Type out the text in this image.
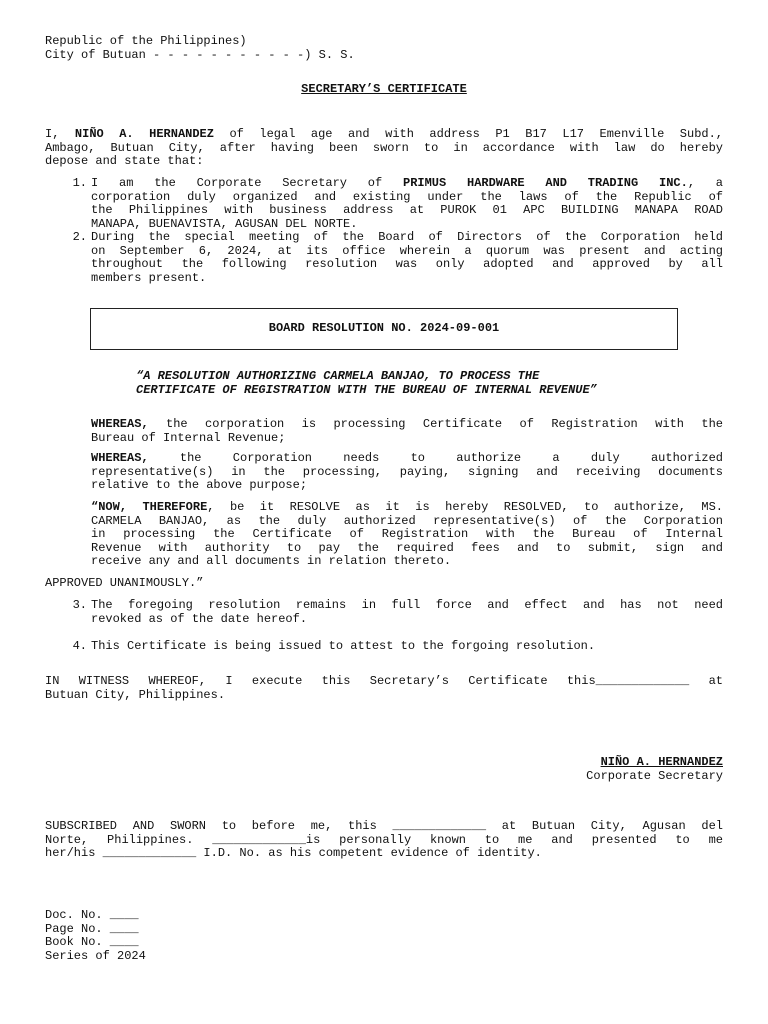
Republic of the Philippines)
City of Butuan - - - - - - - - - - -) S. S.
SECRETARY’S CERTIFICATE
I, NIÑO A. HERNANDEZ of legal age and with address P1 B17 L17 Emenville Subd.,
Ambago, Butuan City, after having been sworn to in accordance with law do hereby
depose and state that:
1. I am the Corporate Secretary of PRIMUS HARDWARE AND TRADING INC., a
corporation duly organized and existing under the laws of the Republic of
the Philippines with business address at PUROK 01 APC BUILDING MANAPA ROAD
MANAPA, BUENAVISTA, AGUSAN DEL NORTE.
2. During the special meeting of the Board of Directors of the Corporation held
on September 6, 2024, at its office wherein a quorum was present and acting
throughout the following resolution was only adopted and approved by all
members present.
BOARD RESOLUTION NO. 2024-09-001
“A RESOLUTION AUTHORIZING CARMELA BANJAO, TO PROCESS THE
CERTIFICATE OF REGISTRATION WITH THE BUREAU OF INTERNAL REVENUE”
WHEREAS, the corporation is processing Certificate of Registration with the
Bureau of Internal Revenue;
WHEREAS, the Corporation needs to authorize a duly authorized
representative(s) in the processing, paying, signing and receiving documents
relative to the above purpose;
“NOW, THEREFORE, be it RESOLVE as it is hereby RESOLVED, to authorize, MS.
CARMELA BANJAO, as the duly authorized representative(s) of the Corporation
in processing the Certificate of Registration with the Bureau of Internal
Revenue with authority to pay the required fees and to submit, sign and
receive any and all documents in relation thereto.
APPROVED UNANIMOUSLY.”
3. The foregoing resolution remains in full force and effect and has not need
revoked as of the date hereof.
4. This Certificate is being issued to attest to the forgoing resolution.
IN WITNESS WHEREOF, I execute this Secretary’s Certificate this_____________ at
Butuan City, Philippines.
NIÑO A. HERNANDEZ
Corporate Secretary
SUBSCRIBED AND SWORN to before me, this _____________ at Butuan City, Agusan del
Norte, Philippines. _____________is personally known to me and presented to me
her/his _____________ I.D. No. as his competent evidence of identity.
Doc. No. ____
Page No. ____
Book No. ____
Series of 2024
